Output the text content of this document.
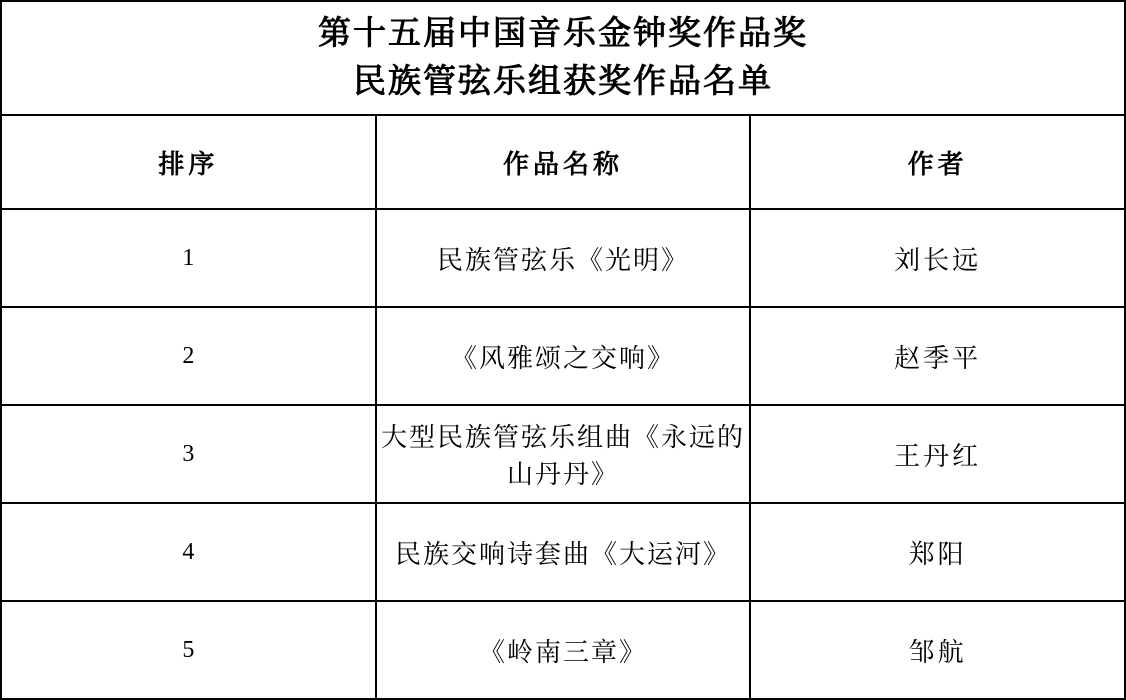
第十五届中国音乐金钟奖作品奖
民族管弦乐组获奖作品名单		

排序	作品名称	作者
1	民族管弦乐《光明》	刘长远
2	《风雅颂之交响》	赵季平
3	大型民族管弦乐组曲《永远的山丹丹》	王丹红
4	民族交响诗套曲《大运河》	郑阳
5	《岭南三章》	邹航
